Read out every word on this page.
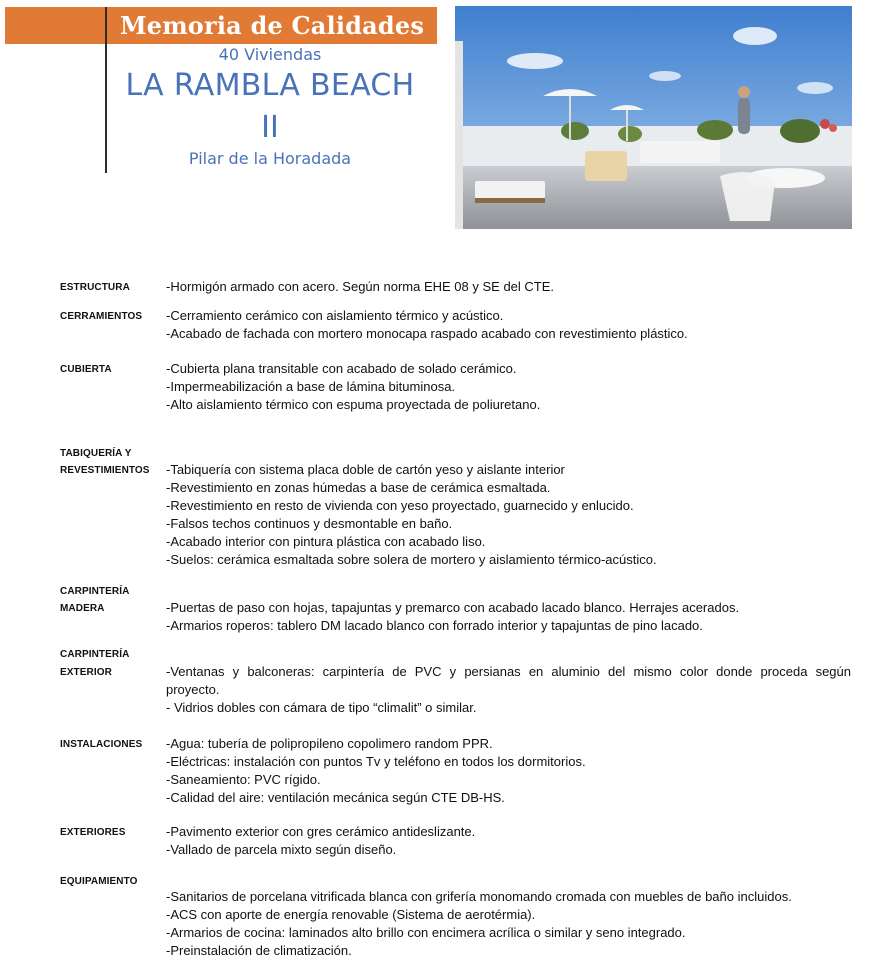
Memoria de Calidades
40 Viviendas
LA RAMBLA BEACH
II
Pilar de la Horadada
ESTRUCTURA	-Hormigón armado con acero. Según norma EHE 08 y SE del CTE.
CERRAMIENTOS -Cerramiento cerámico con aislamiento térmico y acústico.
-Acabado de fachada con mortero monocapa raspado acabado con revestimiento plástico.
CUBIERTA	-Cubierta plana transitable con acabado de solado cerámico.
-Impermeabilización a base de lámina bituminosa.
-Alto aislamiento térmico con espuma proyectada de poliuretano.
TABIQUERÍA Y
REVESTIMIENTOS -Tabiquería con sistema placa doble de cartón yeso y aislante interior
-Revestimiento en zonas húmedas a base de cerámica esmaltada.
-Revestimiento en resto de vivienda con yeso proyectado, guarnecido y enlucido.
-Falsos techos continuos y desmontable en baño.
-Acabado interior con pintura plástica con acabado liso.
-Suelos: cerámica esmaltada sobre solera de mortero y aislamiento térmico-acústico.
CARPINTERÍA
MADERA	-Puertas de paso con hojas, tapajuntas y premarco con acabado lacado blanco. Herrajes acerados.
-Armarios roperos: tablero DM lacado blanco con forrado interior y tapajuntas de pino lacado.
CARPINTERÍA
EXTERIOR	-Ventanas y balconeras: carpintería de PVC y persianas en aluminio del mismo color donde proceda según
proyecto.
- Vidrios dobles con cámara de tipo “climalit” o similar.
INSTALACIONES -Agua: tubería de polipropileno copolimero random PPR.
-Eléctricas: instalación con puntos Tv y teléfono en todos los dormitorios.
-Saneamiento: PVC rígido.
-Calidad del aire: ventilación mecánica según CTE DB-HS.
EXTERIORES	-Pavimento exterior con gres cerámico antideslizante.
-Vallado de parcela mixto según diseño.
EQUIPAMIENTO
-Sanitarios de porcelana vitrificada blanca con grifería monomando cromada con muebles de baño incluidos.
-ACS con aporte de energía renovable (Sistema de aerotérmia).
-Armarios de cocina: laminados alto brillo con encimera acrílica o similar y seno integrado.
-Preinstalación de climatización.
